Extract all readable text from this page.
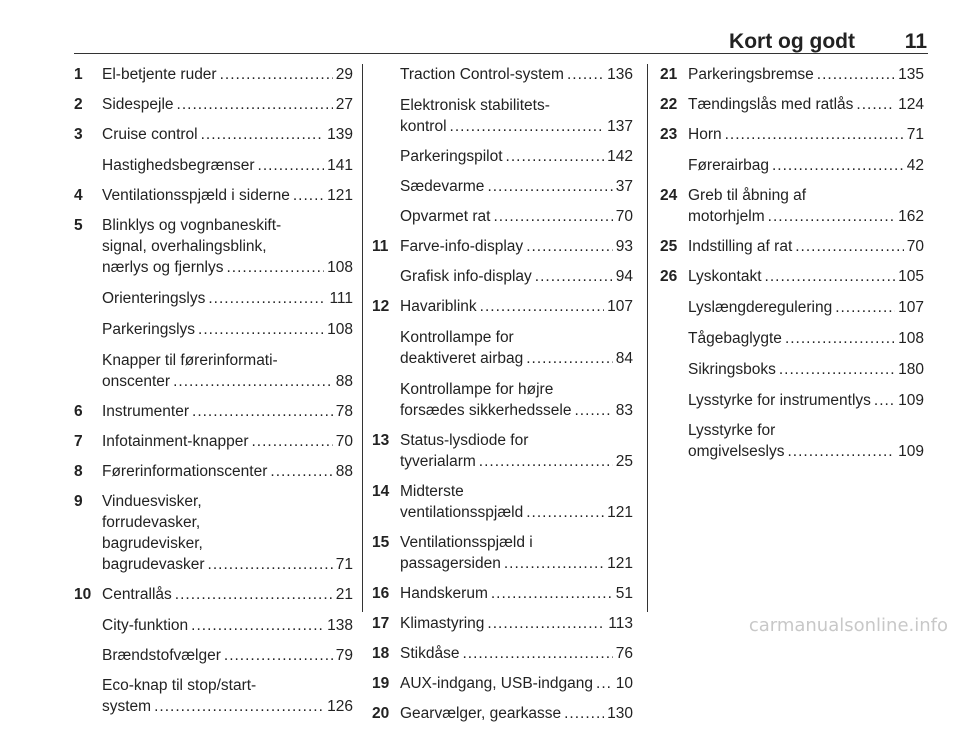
Kort og godt 11
1	El-betjente ruder .....	29
2	Sidespejle .....	27
3	Cruise control .....	139
Hastighedsbegrænser .....	141
4	Ventilationsspjæld i siderne ..... 121
5	Blinklys og vognbaneskift-
signal, overhalingsblink,
nærlys og fjernlys .....	108
Orienteringslys .....	111
Parkeringslys .....	108
Knapper til førerinformati-
onscenter .....	88
6	Instrumenter .....	78
7	Infotainment-knapper .....	70
8	Førerinformationscenter .....	88
9	Vinduesvisker,
forrudevasker,
bagrudevisker,
bagrudevasker .....	71
10 Centrallås .....	21
City-funktion .....	138
Brændstofvælger .....	79
Eco-knap til stop/start-
system .....	126
Traction Control-system .....	136
Elektronisk stabilitets-
kontrol .....	137
Parkeringspilot .....	142
Sædevarme .....	37
Opvarmet rat .....	70
11 Farve-info-display .....	93
Grafisk info-display .....	94
12 Havariblink .....	107
Kontrollampe for
deaktiveret airbag .....	84
Kontrollampe for højre
forsædes sikkerhedssele .....	83
13 Status-lysdiode for
tyverialarm .....	25
14 Midterste
ventilationsspjæld .....	121
15 Ventilationsspjæld i
passagersiden .....	121
16 Handskerum .....	51
17 Klimastyring .....	113
18 Stikdåse .....	76
19 AUX-indgang, USB-indgang ..... 10
20 Gearvælger, gearkasse .....	130
21 Parkeringsbremse .....	135
22 Tændingslås med ratlås .....	124
23 Horn .....	71
Førerairbag .....	42
24 Greb til åbning af
motorhjelm .....	162
25 Indstilling af rat .....	70
26 Lyskontakt .....	105
Lyslængderegulering .....	107
Tågebaglygte .....	108
Sikringsboks .....	180
Lysstyrke for instrumentlys ..... 109
Lysstyrke for
omgivelseslys .....	109
carmanualsonline.info
